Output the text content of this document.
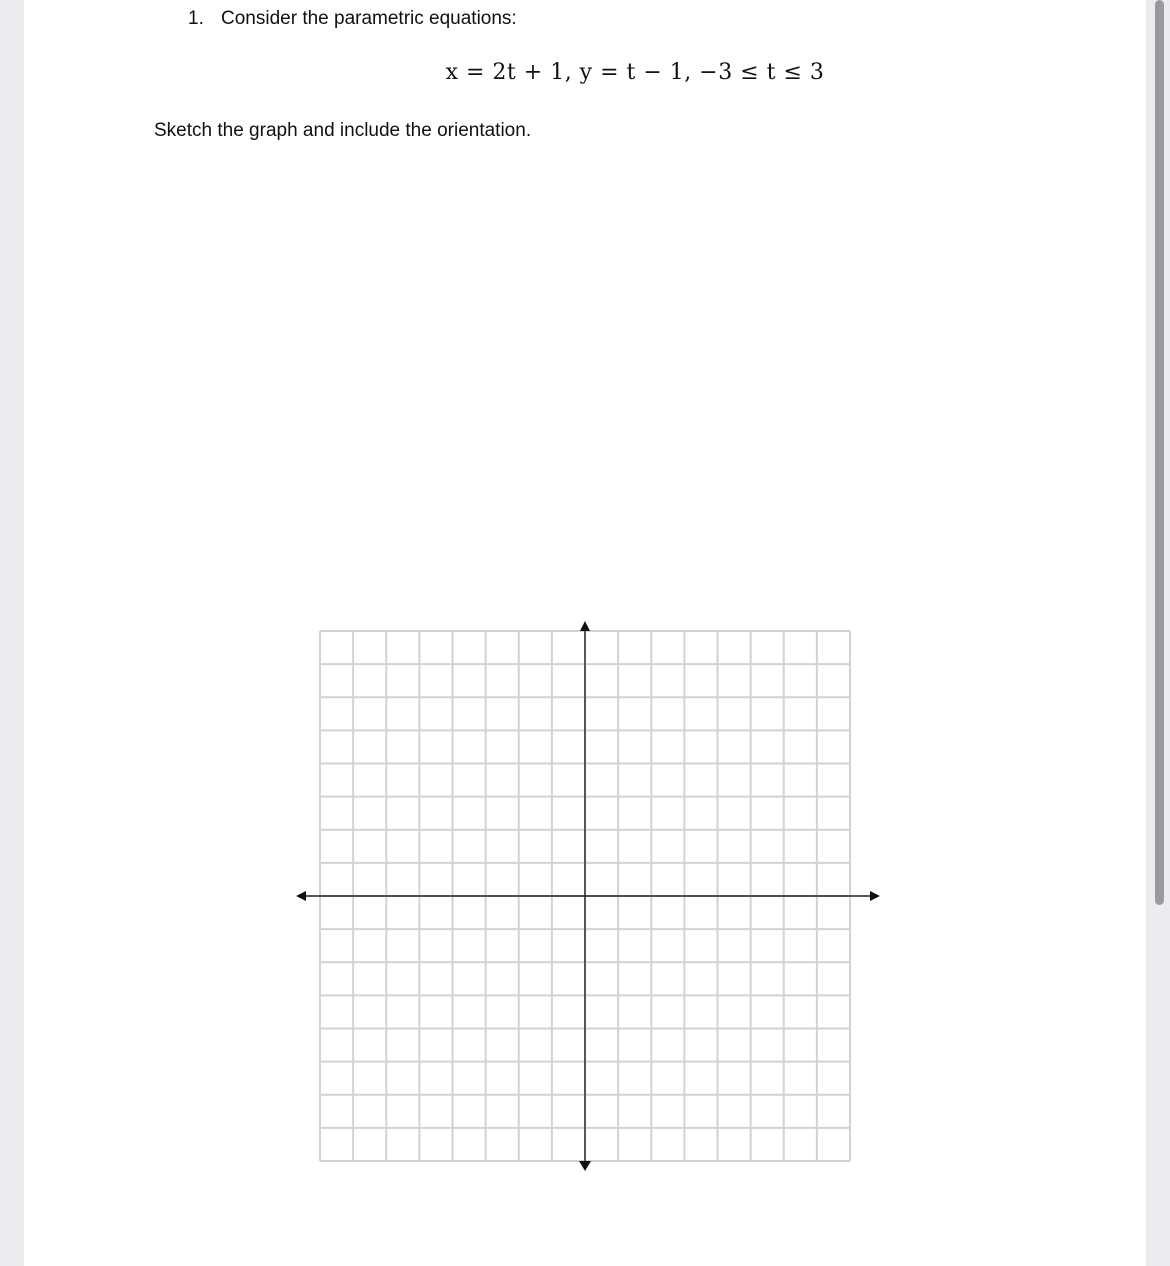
1. Consider the parametric equations:
x = 2t + 1, y = t − 1, −3 ≤ t ≤ 3
Sketch the graph and include the orientation.
